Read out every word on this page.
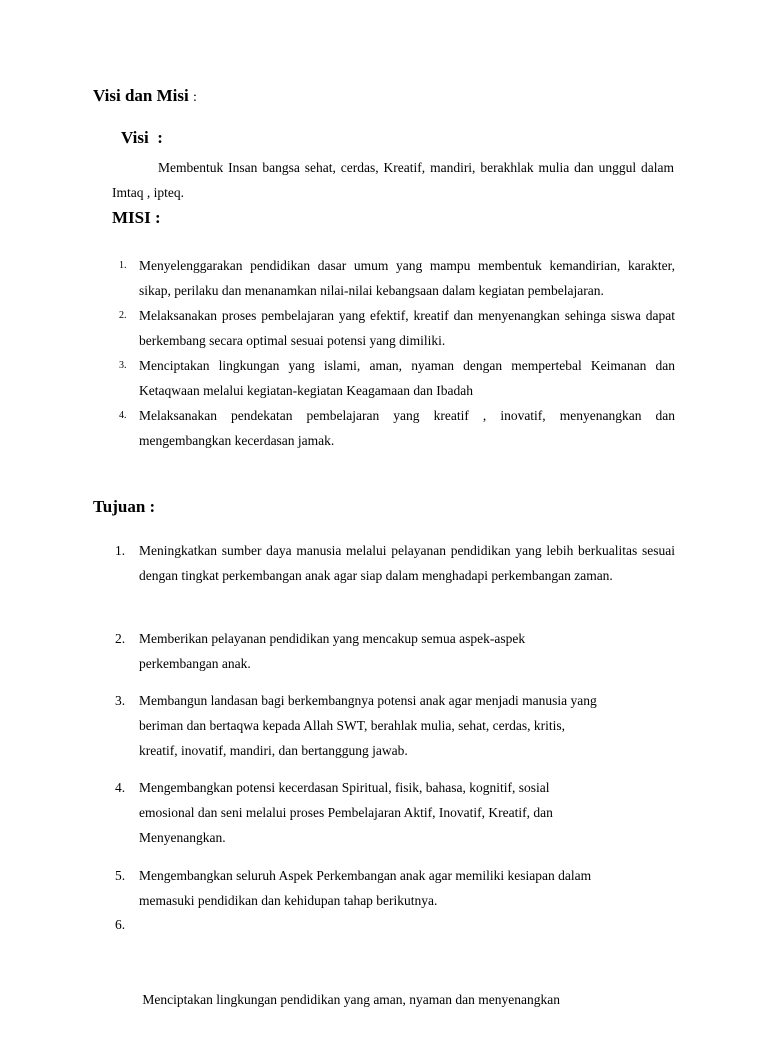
Visi dan Misi :
Visi  :
Membentuk Insan bangsa sehat, cerdas, Kreatif, mandiri, berakhlak mulia dan unggul dalam Imtaq , ipteq.
MISI :
1. Menyelenggarakan pendidikan dasar umum yang mampu membentuk kemandirian, karakter, sikap, perilaku dan menanamkan nilai-nilai kebangsaan dalam kegiatan pembelajaran.
2. Melaksanakan proses pembelajaran yang efektif, kreatif dan menyenangkan sehinga siswa dapat berkembang secara optimal sesuai potensi yang dimiliki.
3. Menciptakan lingkungan yang islami, aman, nyaman dengan mempertebal Keimanan dan Ketaqwaan melalui kegiatan-kegiatan Keagamaan dan Ibadah
4. Melaksanakan pendekatan pembelajaran yang kreatif , inovatif, menyenangkan dan mengembangkan kecerdasan jamak.
Tujuan :
1. Meningkatkan sumber daya manusia melalui pelayanan pendidikan yang lebih berkualitas sesuai dengan tingkat perkembangan anak agar siap dalam menghadapi perkembangan zaman.
2. Memberikan pelayanan pendidikan yang mencakup semua aspek-aspek
perkembangan anak.
3. Membangun landasan bagi berkembangnya potensi anak agar menjadi manusia yang
beriman dan bertaqwa kepada Allah SWT, berahlak mulia, sehat, cerdas, kritis,
kreatif, inovatif, mandiri, dan bertanggung jawab.
4. Mengembangkan potensi kecerdasan Spiritual, fisik, bahasa, kognitif, sosial
emosional dan seni melalui proses Pembelajaran Aktif, Inovatif, Kreatif, dan
Menyenangkan.
5. Mengembangkan seluruh Aspek Perkembangan anak agar memiliki kesiapan dalam
memasuki pendidikan dan kehidupan tahap berikutnya.

6.

Menciptakan lingkungan pendidikan yang aman, nyaman dan menyenangkan
